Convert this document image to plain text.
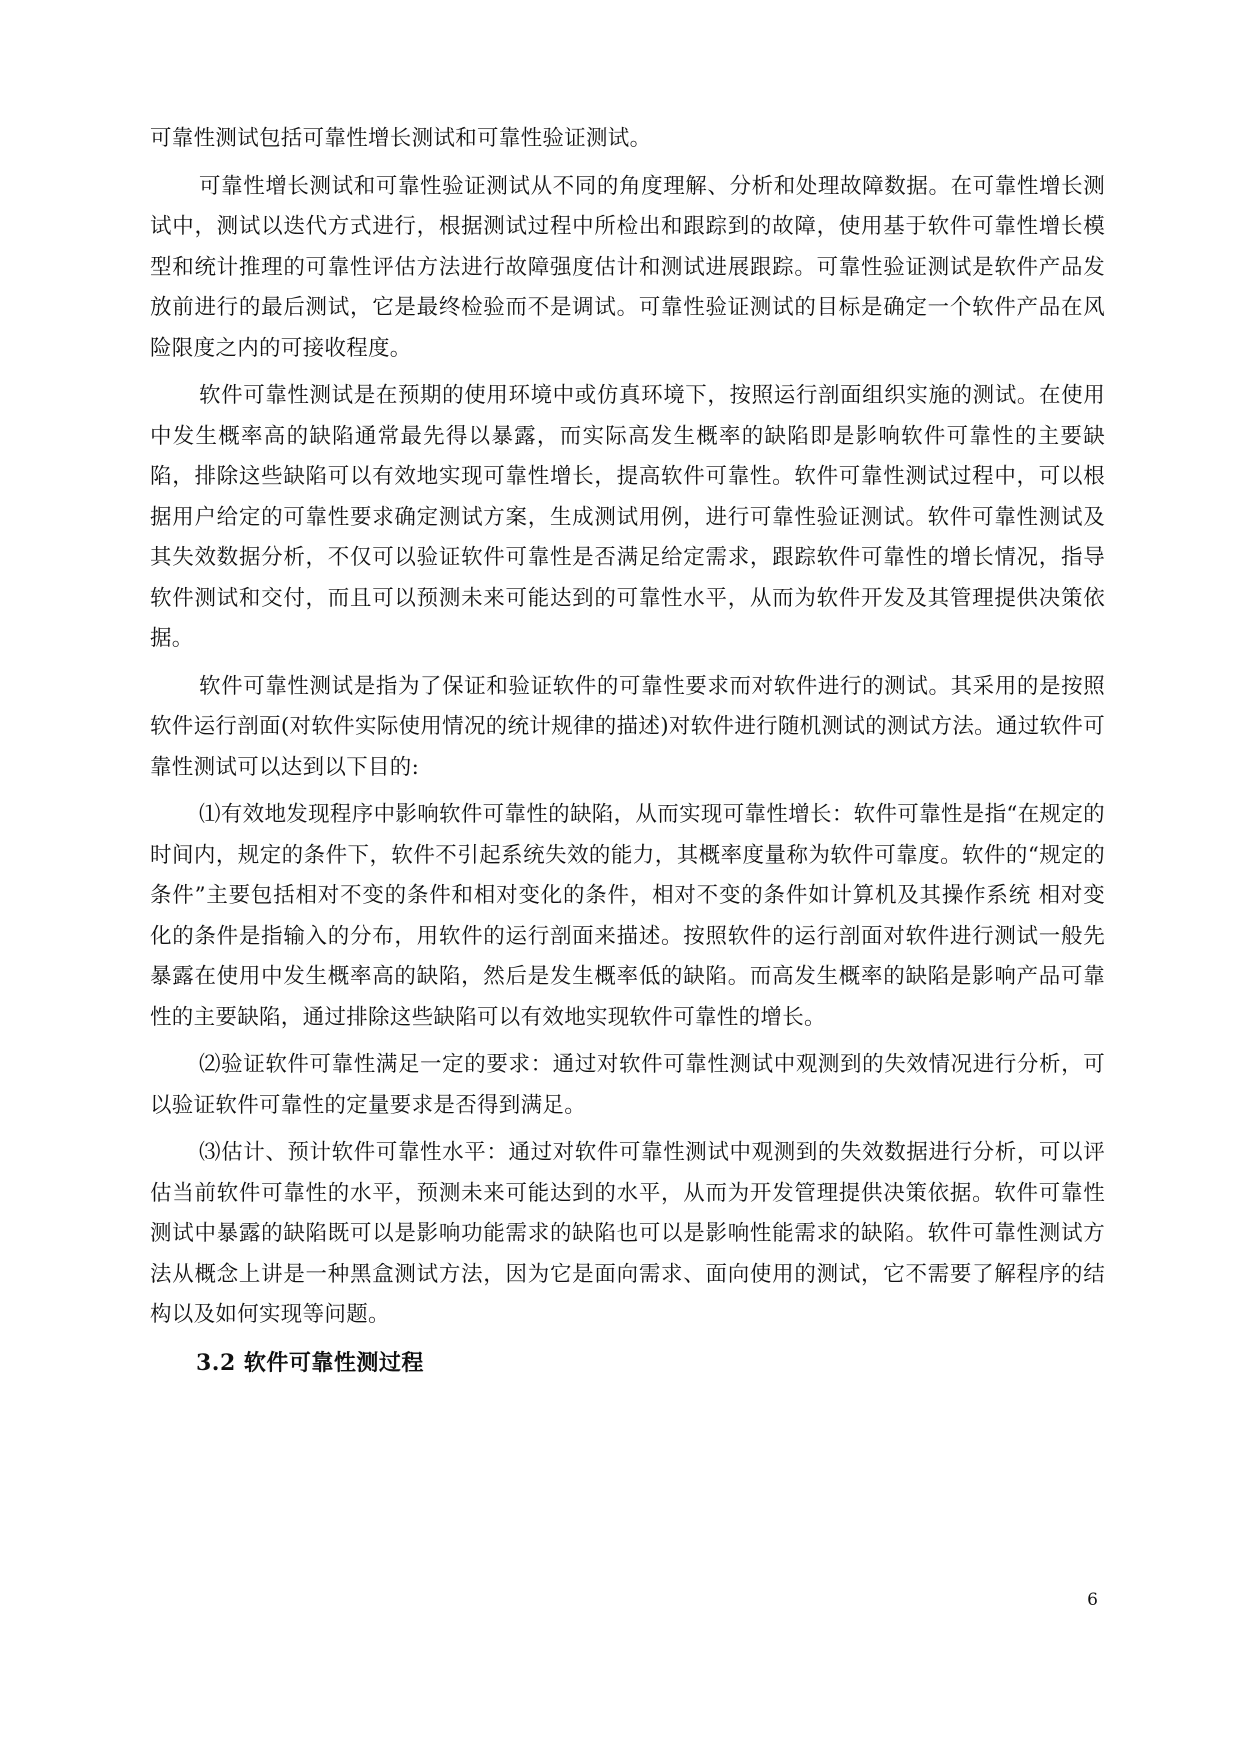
可靠性测试包括可靠性增长测试和可靠性验证测试。

可靠性增长测试和可靠性验证测试从不同的角度理解、分析和处理故障数据。在可靠性增长测试中，测试以迭代方式进行，根据测试过程中所检出和跟踪到的故障，使用基于软件可靠性增长模型和统计推理的可靠性评估方法进行故障强度估计和测试进展跟踪。可靠性验证测试是软件产品发放前进行的最后测试，它是最终检验而不是调试。可靠性验证测试的目标是确定一个软件产品在风险限度之内的可接收程度。

软件可靠性测试是在预期的使用环境中或仿真环境下，按照运行剖面组织实施的测试。在使用中发生概率高的缺陷通常最先得以暴露，而实际高发生概率的缺陷即是影响软件可靠性的主要缺陷，排除这些缺陷可以有效地实现可靠性增长，提高软件可靠性。软件可靠性测试过程中，可以根据用户给定的可靠性要求确定测试方案，生成测试用例，进行可靠性验证测试。软件可靠性测试及其失效数据分析，不仅可以验证软件可靠性是否满足给定需求，跟踪软件可靠性的增长情况，指导软件测试和交付，而且可以预测未来可能达到的可靠性水平，从而为软件开发及其管理提供决策依据。

软件可靠性测试是指为了保证和验证软件的可靠性要求而对软件进行的测试。其采用的是按照软件运行剖面(对软件实际使用情况的统计规律的描述)对软件进行随机测试的测试方法。通过软件可靠性测试可以达到以下目的:

⑴有效地发现程序中影响软件可靠性的缺陷，从而实现可靠性增长：软件可靠性是指“在规定的时间内，规定的条件下，软件不引起系统失效的能力，其概率度量称为软件可靠度。软件的“规定的条件”主要包括相对不变的条件和相对变化的条件，相对不变的条件如计算机及其操作系统 相对变化的条件是指输入的分布，用软件的运行剖面来描述。按照软件的运行剖面对软件进行测试一般先暴露在使用中发生概率高的缺陷，然后是发生概率低的缺陷。而高发生概率的缺陷是影响产品可靠性的主要缺陷，通过排除这些缺陷可以有效地实现软件可靠性的增长。

⑵验证软件可靠性满足一定的要求：通过对软件可靠性测试中观测到的失效情况进行分析，可以验证软件可靠性的定量要求是否得到满足。

⑶估计、预计软件可靠性水平：通过对软件可靠性测试中观测到的失效数据进行分析，可以评估当前软件可靠性的水平，预测未来可能达到的水平，从而为开发管理提供决策依据。软件可靠性测试中暴露的缺陷既可以是影响功能需求的缺陷也可以是影响性能需求的缺陷。软件可靠性测试方法从概念上讲是一种黑盒测试方法，因为它是面向需求、面向使用的测试，它不需要了解程序的结构以及如何实现等问题。

3.2 软件可靠性测过程
6
